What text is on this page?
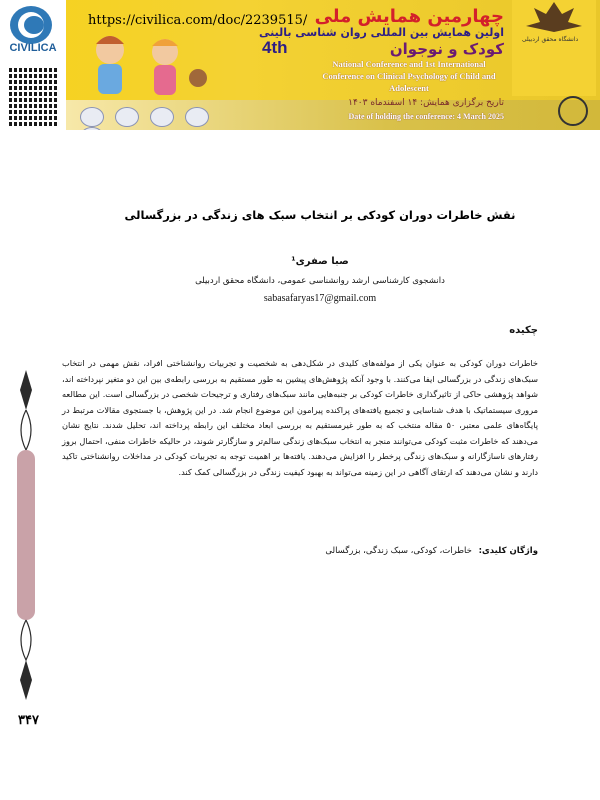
CIVILICA
https://civilica.com/doc/2239515/ چهارمین همایش ملی
اولین همایش بین المللی روان شناسی بالینی
کودک و نوجوان
4th
National Conference and 1st International
Conference on Clinical Psychology of Child and
Adolescent

تاریخ برگزاری همایش: ۱۴ اسفندماه ۱۴۰۳
Date of holding the conference: 4 March 2025
دانشگاه محقق اردبیلی
۳۴۷
نقش خاطرات دوران کودکی بر انتخاب سبک های زندگی در بزرگسالی
صبا صفری¹
دانشجوی کارشناسی ارشد روانشناسی عمومی، دانشگاه محقق اردبیلی
sabasafaryas17@gmail.com
چکیده
خاطرات دوران کودکی به عنوان یکی از مولفه‌های کلیدی در شکل‌دهی به شخصیت و تجربیات روانشناختی افراد، نقش مهمی در انتخاب سبک‌های زندگی در بزرگسالی ایفا می‌کنند. با وجود آنکه پژوهش‌های پیشین به طور مستقیم به بررسی رابطه‌ی بین این دو متغیر نپرداخته اند، شواهد پژوهشی حاکی از تاثیرگذاری خاطرات کودکی بر جنبه‌هایی مانند سبک‌های رفتاری و ترجیحات شخصی در بزرگسالی است. این مطالعه مروری سیستماتیک با هدف شناسایی و تجمیع یافته‌های پراکنده پیرامون این موضوع انجام شد. در این پژوهش، با جستجوی مقالات مرتبط در پایگاه‌های علمی معتبر، ۵۰ مقاله منتخب که به طور غیرمستقیم به بررسی ابعاد مختلف این رابطه پرداخته اند، تحلیل شدند. نتایج نشان می‌دهند که خاطرات مثبت کودکی می‌توانند منجر به انتخاب سبک‌های زندگی سالم‌تر و سازگارتر شوند، در حالیکه خاطرات منفی، احتمال بروز رفتارهای ناسازگارانه و سبک‌های زندگی پرخطر را افزایش می‌دهند. یافته‌ها بر اهمیت توجه به تجربیات کودکی در مداخلات روانشناختی تاکید دارند و نشان می‌دهند که ارتقای آگاهی در این زمینه می‌تواند به بهبود کیفیت زندگی در بزرگسالی کمک کند.
واژگان کلیدی: خاطرات، کودکی، سبک زندگی، بزرگسالی
